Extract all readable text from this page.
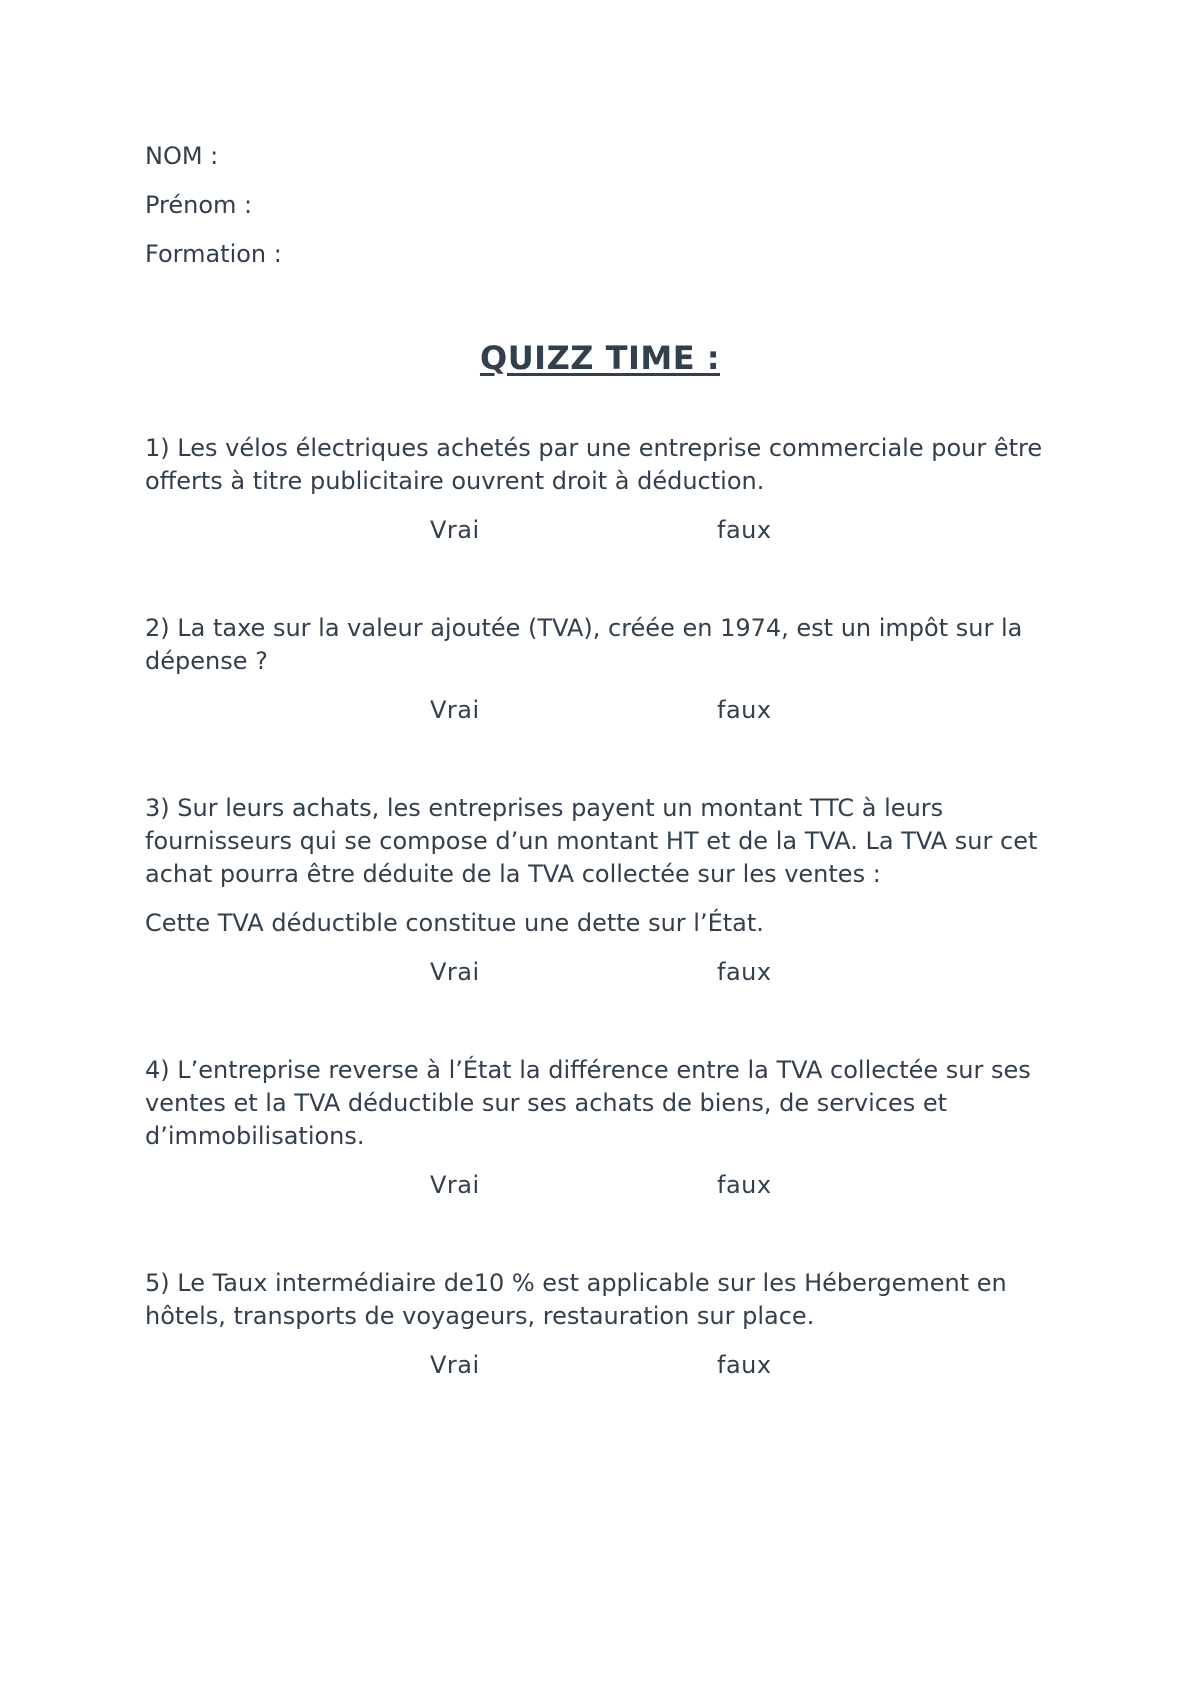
NOM :

Prénom :

Formation :

QUIZZ TIME :

1) Les vélos électriques achetés par une entreprise commerciale pour être offerts à titre publicitaire ouvrent droit à déduction.

Vrai	faux

2) La taxe sur la valeur ajoutée (TVA), créée en 1974, est un impôt sur la dépense ?

Vrai	faux

3) Sur leurs achats, les entreprises payent un montant TTC à leurs fournisseurs qui se compose d’un montant HT et de la TVA. La TVA sur cet achat pourra être déduite de la TVA collectée sur les ventes :

Cette TVA déductible constitue une dette sur l’État.

Vrai	faux

4) L’entreprise reverse à l’État la différence entre la TVA collectée sur ses ventes et la TVA déductible sur ses achats de biens, de services et d’immobilisations.

Vrai	faux

5) Le Taux intermédiaire de10 % est applicable sur les Hébergement en hôtels, transports de voyageurs, restauration sur place.

Vrai	faux
